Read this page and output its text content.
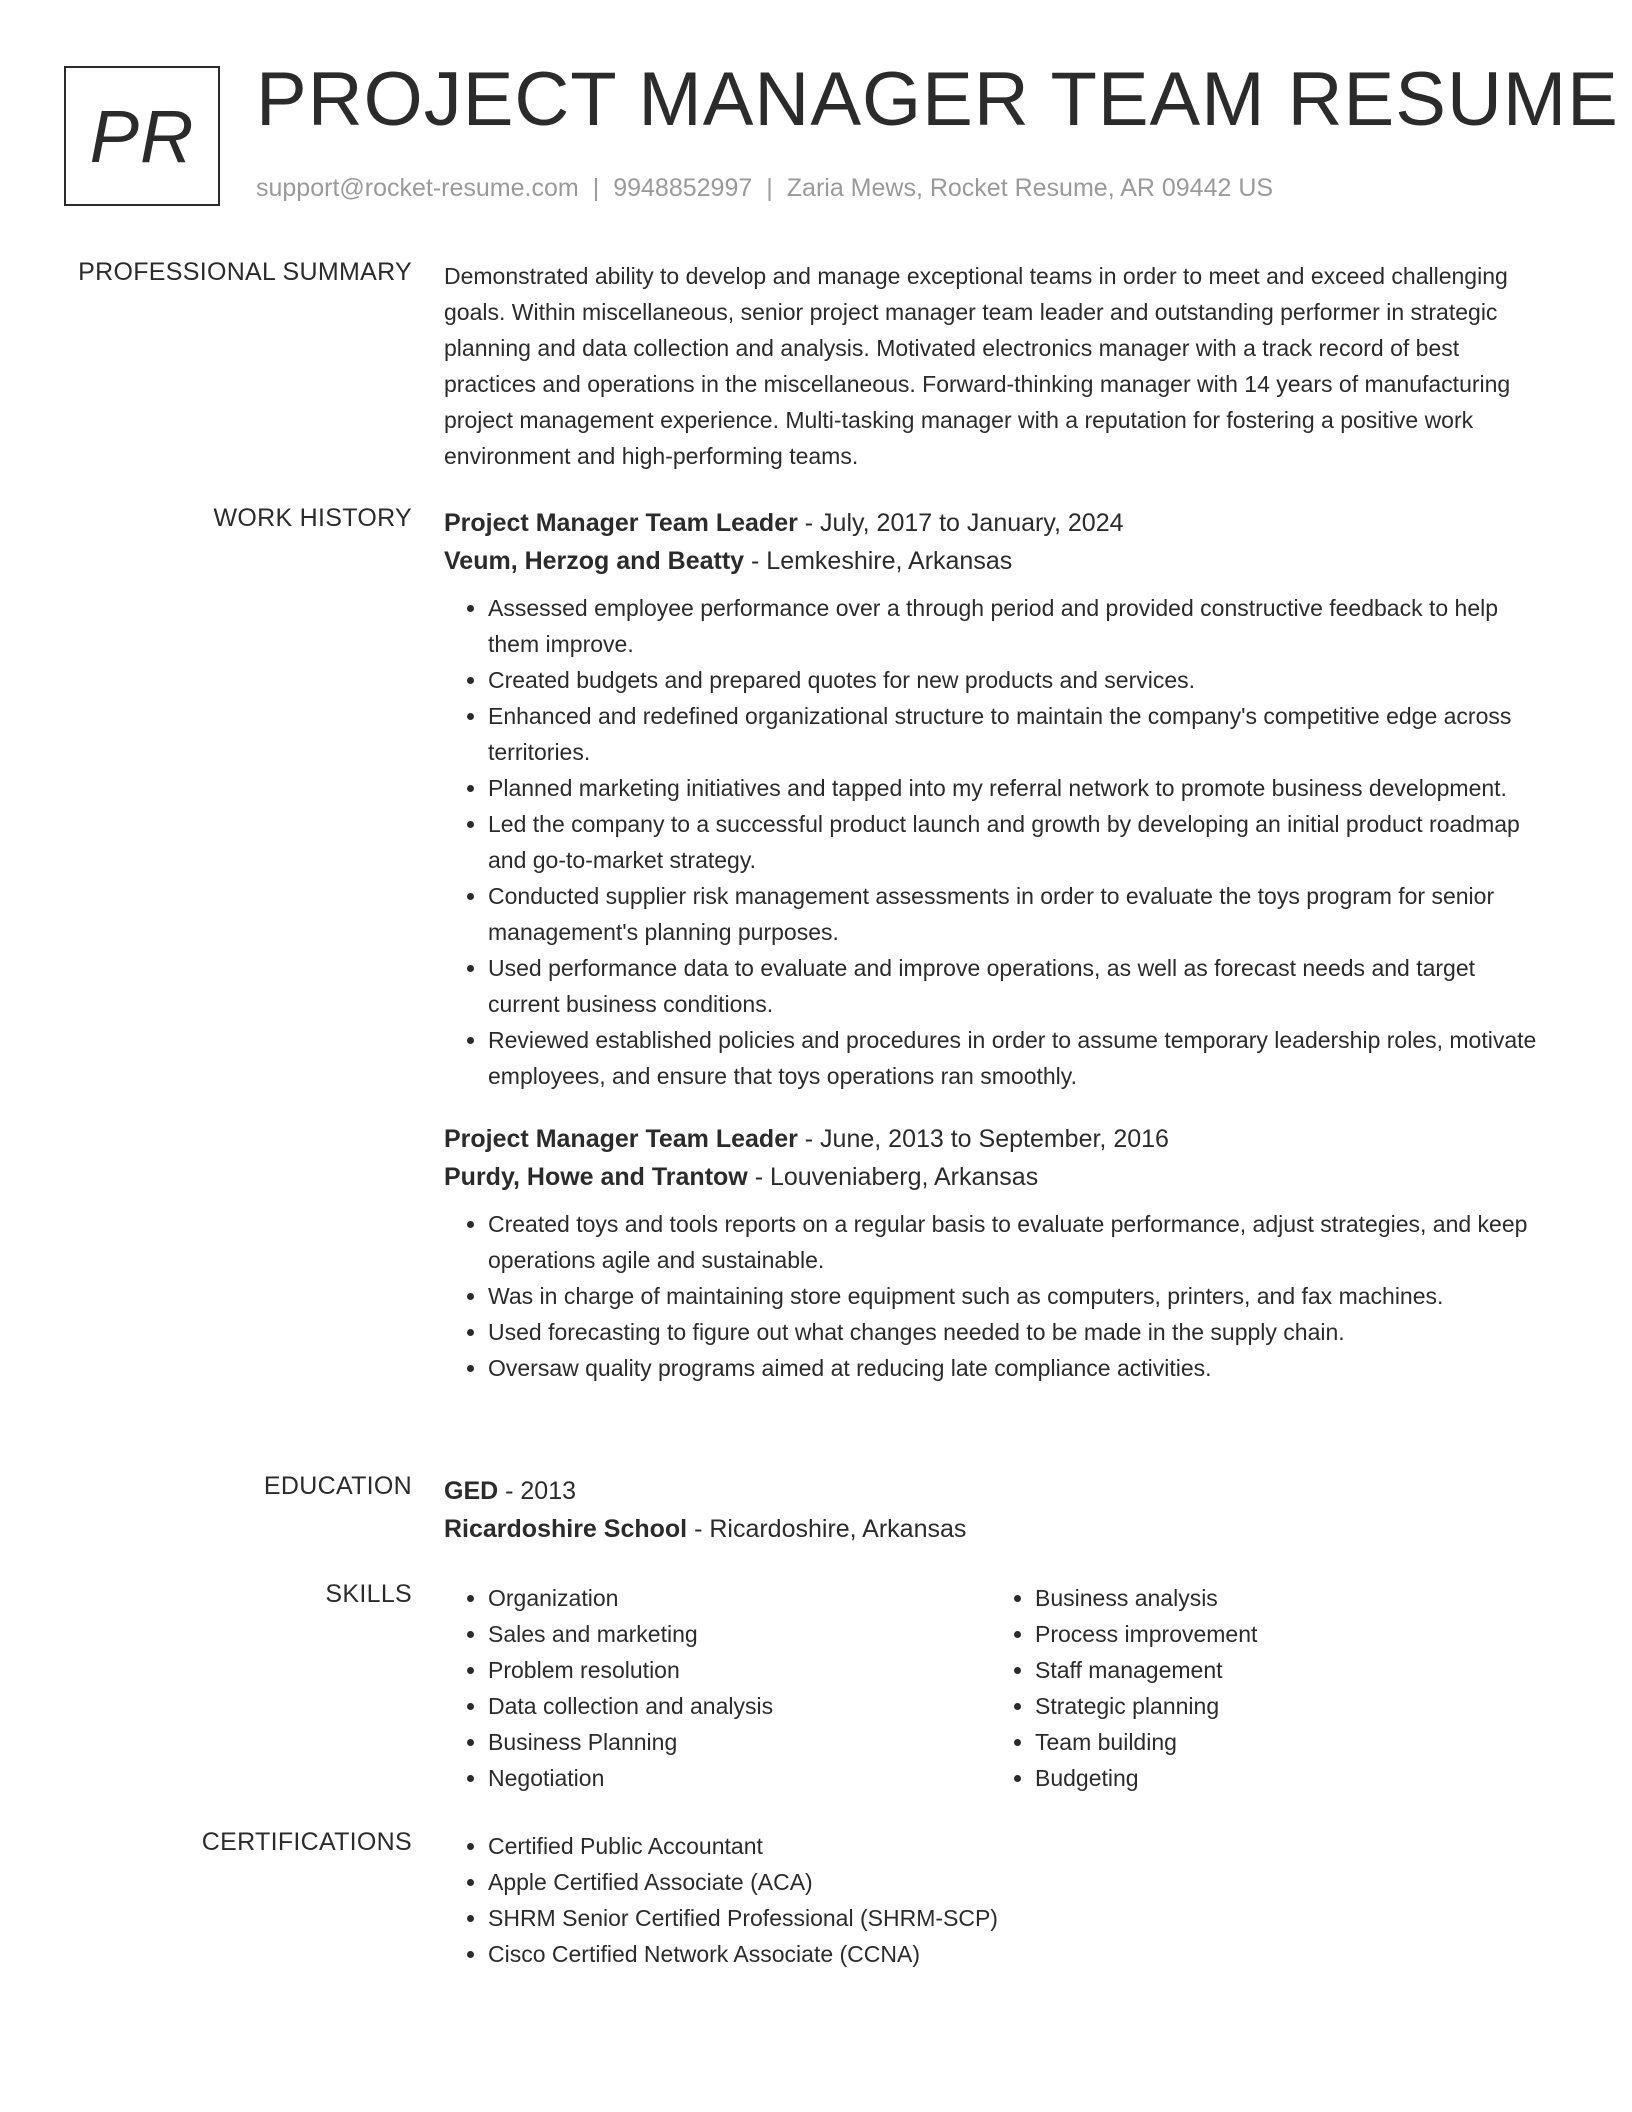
PR PROJECT MANAGER TEAM RESUME
support@rocket-resume.com | 9948852997 | Zaria Mews, Rocket Resume, AR 09442 US
PROFESSIONAL SUMMARY Demonstrated ability to develop and manage exceptional teams in order to meet and exceed challenging goals. Within miscellaneous, senior project manager team leader and outstanding performer in strategic planning and data collection and analysis. Motivated electronics manager with a track record of best practices and operations in the miscellaneous. Forward-thinking manager with 14 years of manufacturing project management experience. Multi-tasking manager with a reputation for fostering a positive work environment and high-performing teams.

WORK HISTORY Project Manager Team Leader - July, 2017 to January, 2024
Veum, Herzog and Beatty - Lemkeshire, Arkansas
• Assessed employee performance over a through period and provided constructive feedback to help them improve.
• Created budgets and prepared quotes for new products and services.
• Enhanced and redefined organizational structure to maintain the company's competitive edge across territories.
• Planned marketing initiatives and tapped into my referral network to promote business development.
• Led the company to a successful product launch and growth by developing an initial product roadmap and go-to-market strategy.
• Conducted supplier risk management assessments in order to evaluate the toys program for senior management's planning purposes.
• Used performance data to evaluate and improve operations, as well as forecast needs and target current business conditions.
• Reviewed established policies and procedures in order to assume temporary leadership roles, motivate employees, and ensure that toys operations ran smoothly.
Project Manager Team Leader - June, 2013 to September, 2016
Purdy, Howe and Trantow - Louveniaberg, Arkansas
• Created toys and tools reports on a regular basis to evaluate performance, adjust strategies, and keep operations agile and sustainable.
• Was in charge of maintaining store equipment such as computers, printers, and fax machines.
• Used forecasting to figure out what changes needed to be made in the supply chain.
• Oversaw quality programs aimed at reducing late compliance activities.
EDUCATION GED - 2013
Ricardoshire School - Ricardoshire, Arkansas
SKILLS	• Organization
• Sales and marketing
• Problem resolution
• Data collection and analysis
• Business Planning
• Negotiation
• Business analysis
• Process improvement
• Staff management
• Strategic planning
• Team building
• Budgeting
CERTIFICATIONS	• Certified Public Accountant
• Apple Certified Associate (ACA)
• SHRM Senior Certified Professional (SHRM-SCP)
• Cisco Certified Network Associate (CCNA)
